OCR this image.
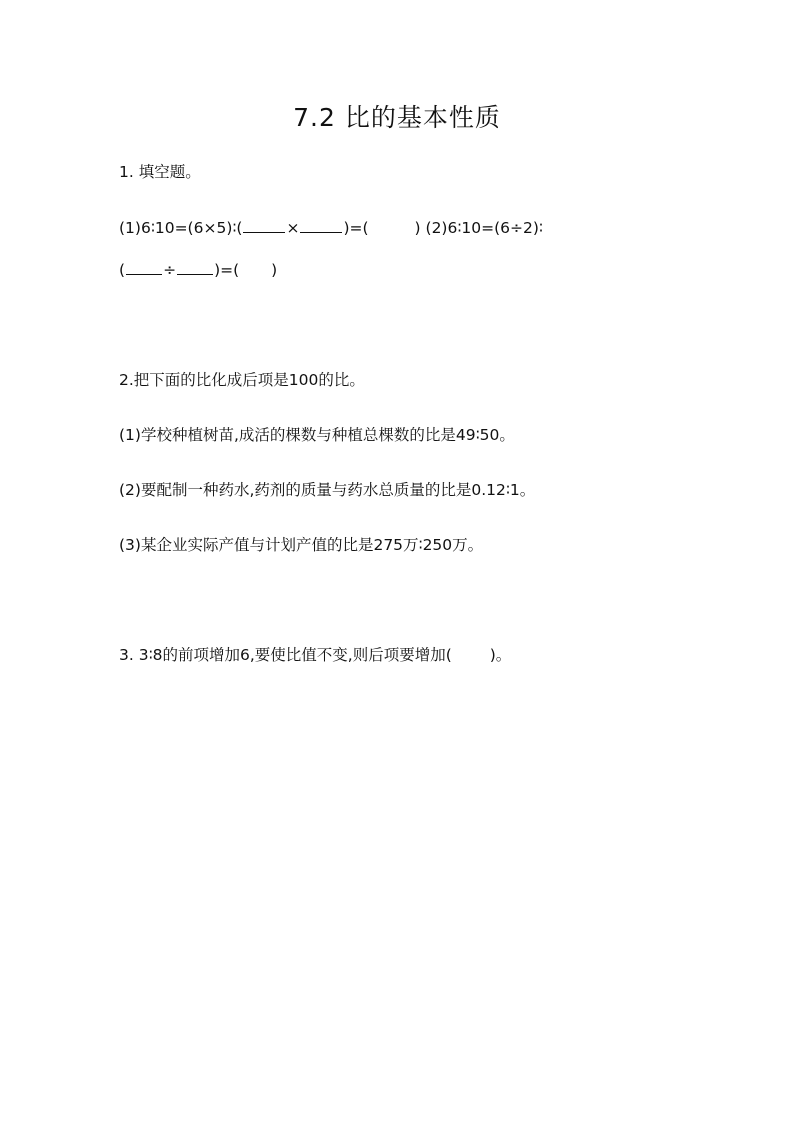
7.2 比的基本性质
1. 填空题。
(1)6∶10=(6×5)∶(	×	)=(	) (2)6∶10=(6÷2)∶
( ÷ )=( )
2.把下面的比化成后项是100的比。
(1)学校种植树苗,成活的棵数与种植总棵数的比是49∶50。
(2)要配制一种药水,药剂的质量与药水总质量的比是0.12∶1。
(3)某企业实际产值与计划产值的比是275万∶250万。
3. 3∶8的前项增加6,要使比值不变,则后项要增加( )。
